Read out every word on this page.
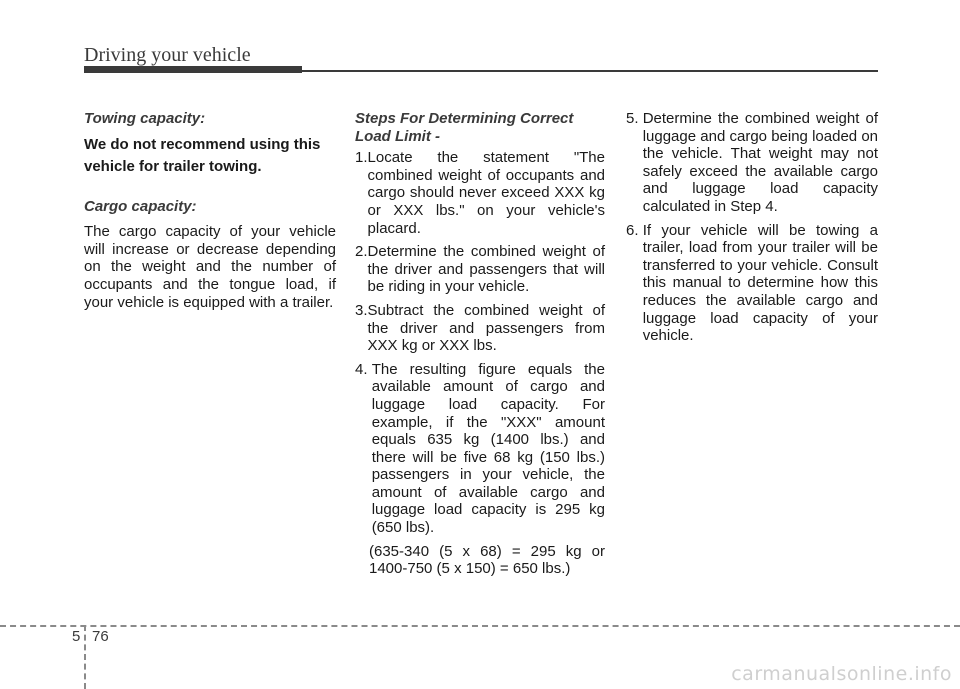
Driving your vehicle

Towing capacity:

We do not recommend using this vehicle for trailer towing.

Cargo capacity:

The cargo capacity of your vehicle will increase or decrease depending on the weight and the number of occupants and the tongue load, if your vehicle is equipped with a trailer.

Steps For Determining Correct Load Limit -

1. Locate the statement "The combined weight of occupants and cargo should never exceed XXX kg or XXX lbs." on your vehicle's placard.
2. Determine the combined weight of the driver and passengers that will be riding in your vehicle.
3. Subtract the combined weight of the driver and passengers from XXX kg or XXX lbs.
4. The resulting figure equals the available amount of cargo and luggage load capacity. For example, if the "XXX" amount equals 635 kg (1400 lbs.) and there will be five 68 kg (150 lbs.) passengers in your vehicle, the amount of available cargo and luggage load capacity is 295 kg (650 lbs).

(635-340 (5 x 68) = 295 kg or 1400-750 (5 x 150) = 650 lbs.)

5. Determine the combined weight of luggage and cargo being loaded on the vehicle. That weight may not safely exceed the available cargo and luggage load capacity calculated in Step 4.
6. If your vehicle will be towing a trailer, load from your trailer will be transferred to your vehicle. Consult this manual to determine how this reduces the available cargo and luggage load capacity of your vehicle.
5 76
carmanualsonline.info
